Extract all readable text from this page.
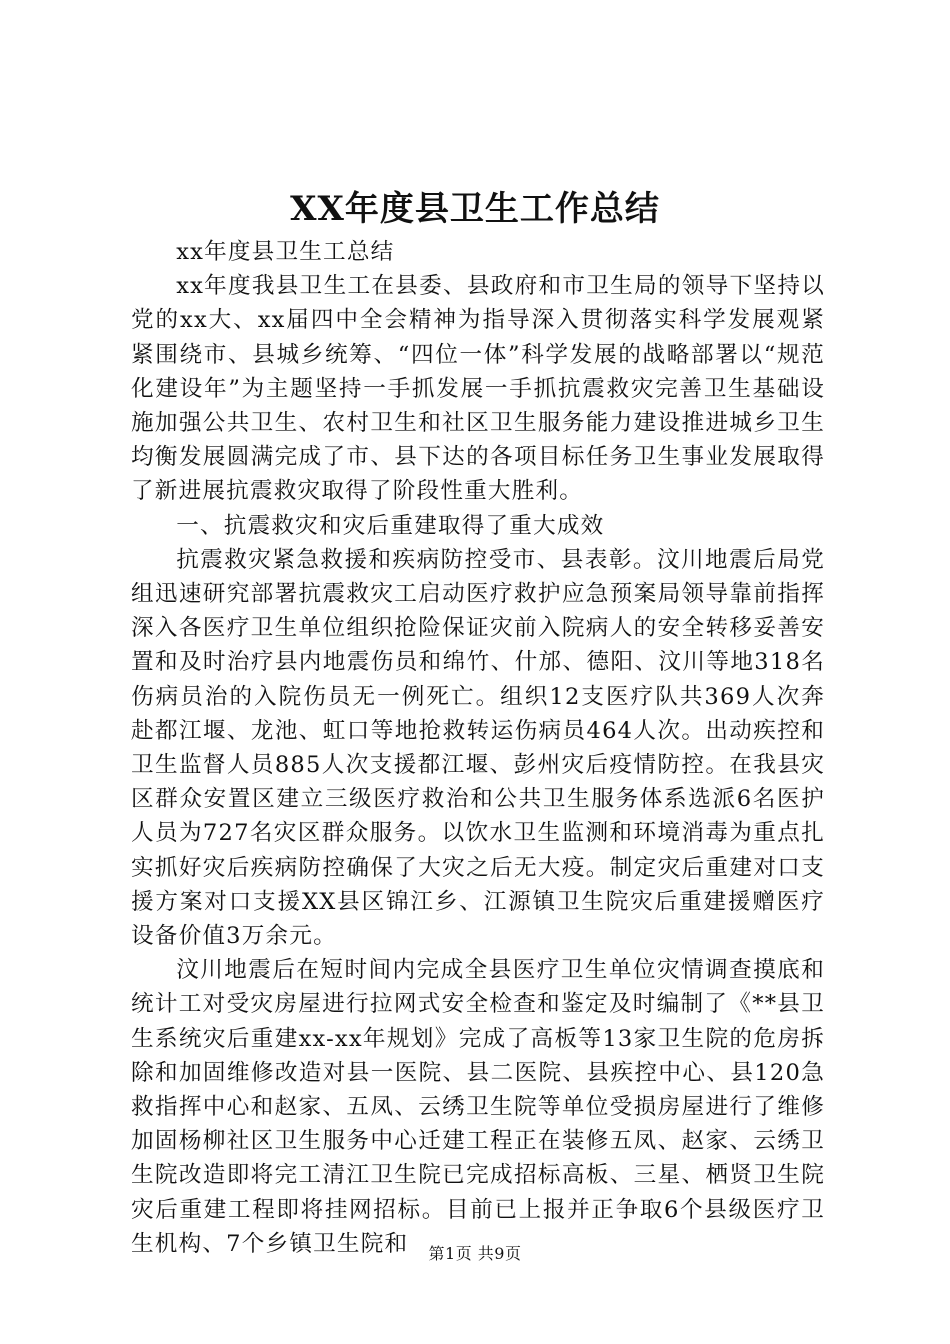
XX年度县卫生工作总结

xx年度县卫生工总结

xx年度我县卫生工在县委、县政府和市卫生局的领导下坚持以党的xx大、xx届四中全会精神为指导深入贯彻落实科学发展观紧紧围绕市、县城乡统筹、“四位一体”科学发展的战略部署以“规范化建设年”为主题坚持一手抓发展一手抓抗震救灾完善卫生基础设施加强公共卫生、农村卫生和社区卫生服务能力建设推进城乡卫生均衡发展圆满完成了市、县下达的各项目标任务卫生事业发展取得了新进展抗震救灾取得了阶段性重大胜利。

一、抗震救灾和灾后重建取得了重大成效

抗震救灾紧急救援和疾病防控受市、县表彰。汶川地震后局党组迅速研究部署抗震救灾工启动医疗救护应急预案局领导靠前指挥深入各医疗卫生单位组织抢险保证灾前入院病人的安全转移妥善安置和及时治疗县内地震伤员和绵竹、什邡、德阳、汶川等地318名伤病员治的入院伤员无一例死亡。组织12支医疗队共369人次奔赴都江堰、龙池、虹口等地抢救转运伤病员464人次。出动疾控和卫生监督人员885人次支援都江堰、彭州灾后疫情防控。在我县灾区群众安置区建立三级医疗救治和公共卫生服务体系选派6名医护人员为727名灾区群众服务。以饮水卫生监测和环境消毒为重点扎实抓好灾后疾病防控确保了大灾之后无大疫。制定灾后重建对口支援方案对口支援XX县区锦江乡、江源镇卫生院灾后重建援赠医疗设备价值3万余元。

汶川地震后在短时间内完成全县医疗卫生单位灾情调查摸底和统计工对受灾房屋进行拉网式安全检查和鉴定及时编制了《**县卫生系统灾后重建xx-xx年规划》完成了高板等13家卫生院的危房拆除和加固维修改造对县一医院、县二医院、县疾控中心、县120急救指挥中心和赵家、五凤、云绣卫生院等单位受损房屋进行了维修加固杨柳社区卫生服务中心迁建工程正在装修五凤、赵家、云绣卫生院改造即将完工清江卫生院已完成招标高板、三星、栖贤卫生院灾后重建工程即将挂网招标。目前已上报并正争取6个县级医疗卫生机构、7个乡镇卫生院和	第1页 共9页
